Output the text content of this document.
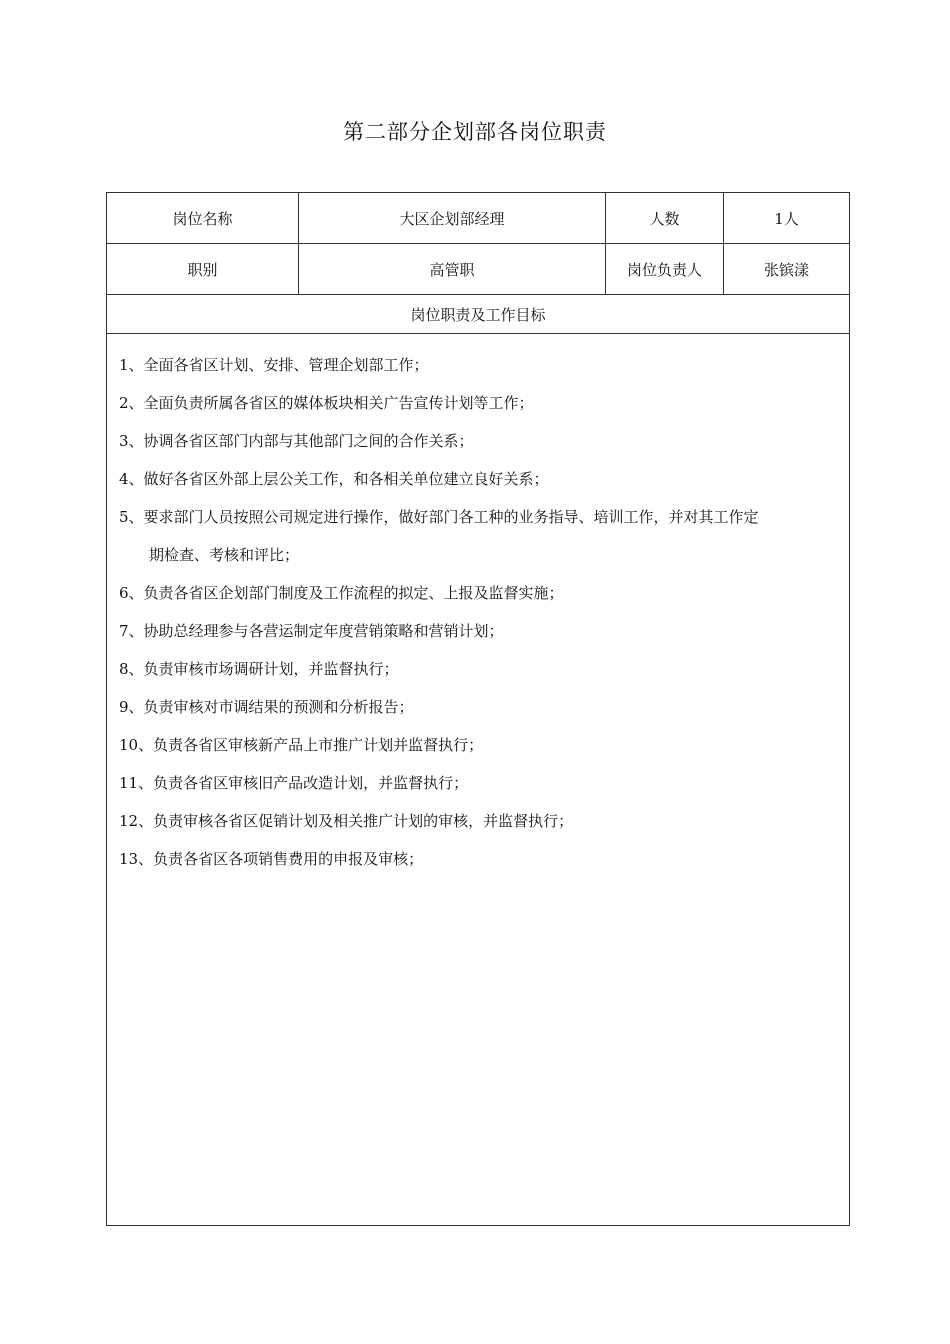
第二部分企划部各岗位职责
岗位名称	大区企划部经理	人数	1人
职别	高管职	岗位负责人	张镔漾
岗位职责及工作目标

1、全面各省区计划、安排、管理企划部工作；

2、全面负责所属各省区的媒体板块相关广告宣传计划等工作；

3、协调各省区部门内部与其他部门之间的合作关系；

4、做好各省区外部上层公关工作，和各相关单位建立良好关系；

5、要求部门人员按照公司规定进行操作，做好部门各工种的业务指导、培训工作，并对其工作定
期检查、考核和评比；

6、负责各省区企划部门制度及工作流程的拟定、上报及监督实施；

7、协助总经理参与各营运制定年度营销策略和营销计划；

8、负责审核市场调研计划，并监督执行；

9、负责审核对市调结果的预测和分析报告；

10、负责各省区审核新产品上市推广计划并监督执行；

11、负责各省区审核旧产品改造计划，并监督执行；

12、负责审核各省区促销计划及相关推广计划的审核，并监督执行；

13、负责各省区各项销售费用的申报及审核；
